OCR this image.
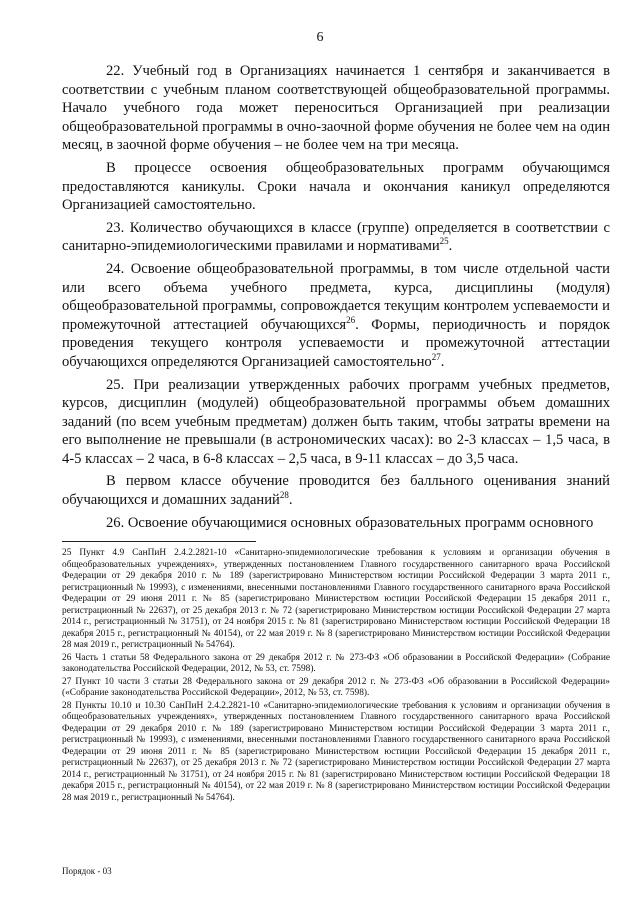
6

22. Учебный год в Организациях начинается 1 сентября и заканчивается в соответствии с учебным планом соответствующей общеобразовательной программы. Начало учебного года может переноситься Организацией при реализации общеобразовательной программы в очно-заочной форме обучения не более чем на один месяц, в заочной форме обучения – не более чем на три месяца.

В процессе освоения общеобразовательных программ обучающимся предоставляются каникулы. Сроки начала и окончания каникул определяются Организацией самостоятельно.

23. Количество обучающихся в классе (группе) определяется в соответствии с санитарно-эпидемиологическими правилами и нормативами$^{25}$.

24. Освоение общеобразовательной программы, в том числе отдельной части или всего объема учебного предмета, курса, дисциплины (модуля) общеобразовательной программы, сопровождается текущим контролем успеваемости и промежуточной аттестацией обучающихся$^{26}$. Формы, периодичность и порядок проведения текущего контроля успеваемости и промежуточной аттестации обучающихся определяются Организацией самостоятельно$^{27}$.

25. При реализации утвержденных рабочих программ учебных предметов, курсов, дисциплин (модулей) общеобразовательной программы объем домашних заданий (по всем учебным предметам) должен быть таким, чтобы затраты времени на его выполнение не превышали (в астрономических часах): во 2-3 классах – 1,5 часа, в 4-5 классах – 2 часа, в 6-8 классах – 2,5 часа, в 9-11 классах – до 3,5 часа.

В первом классе обучение проводится без балльного оценивания знаний обучающихся и домашних заданий$^{28}$.

26. Освоение обучающимися основных образовательных программ основного

25 Пункт 4.9 СанПиН 2.4.2.2821-10 «Санитарно-эпидемиологические требования к условиям и организации обучения в общеобразовательных учреждениях», утвержденных постановлением Главного государственного санитарного врача Российской Федерации от 29 декабря 2010 г. № 189 (зарегистрировано Министерством юстиции Российской Федерации 3 марта 2011 г., регистрационный № 19993), с изменениями, внесенными постановлениями Главного государственного санитарного врача Российской Федерации от 29 июня 2011 г. № 85 (зарегистрировано Министерством юстиции Российской Федерации 15 декабря 2011 г., регистрационный № 22637), от 25 декабря 2013 г. № 72 (зарегистрировано Министерством юстиции Российской Федерации 27 марта 2014 г., регистрационный № 31751), от 24 ноября 2015 г. № 81 (зарегистрировано Министерством юстиции Российской Федерации 18 декабря 2015 г., регистрационный № 40154), от 22 мая 2019 г. № 8 (зарегистрировано Министерством юстиции Российской Федерации 28 мая 2019 г., регистрационный № 54764).

26 Часть 1 статьи 58 Федерального закона от 29 декабря 2012 г. № 273-ФЗ «Об образовании в Российской Федерации» (Собрание законодательства Российской Федерации, 2012, № 53, ст. 7598).

27 Пункт 10 части 3 статьи 28 Федерального закона от 29 декабря 2012 г. № 273-ФЗ «Об образовании в Российской Федерации» («Собрание законодательства Российской Федерации», 2012, № 53, ст. 7598).

28 Пункты 10.10 и 10.30 СанПиН 2.4.2.2821-10 «Санитарно-эпидемиологические требования к условиям и организации обучения в общеобразовательных учреждениях», утвержденных постановлением Главного государственного санитарного врача Российской Федерации от 29 декабря 2010 г. № 189 (зарегистрировано Министерством юстиции Российской Федерации 3 марта 2011 г., регистрационный № 19993), с изменениями, внесенными постановлениями Главного государственного санитарного врача Российской Федерации от 29 июня 2011 г. № 85 (зарегистрировано Министерством юстиции Российской Федерации 15 декабря 2011 г., регистрационный № 22637), от 25 декабря 2013 г. № 72 (зарегистрировано Министерством юстиции Российской Федерации 27 марта 2014 г., регистрационный № 31751), от 24 ноября 2015 г. № 81 (зарегистрировано Министерством юстиции Российской Федерации 18 декабря 2015 г., регистрационный № 40154), от 22 мая 2019 г. № 8 (зарегистрировано Министерством юстиции Российской Федерации 28 мая 2019 г., регистрационный № 54764).

Порядок - 03
